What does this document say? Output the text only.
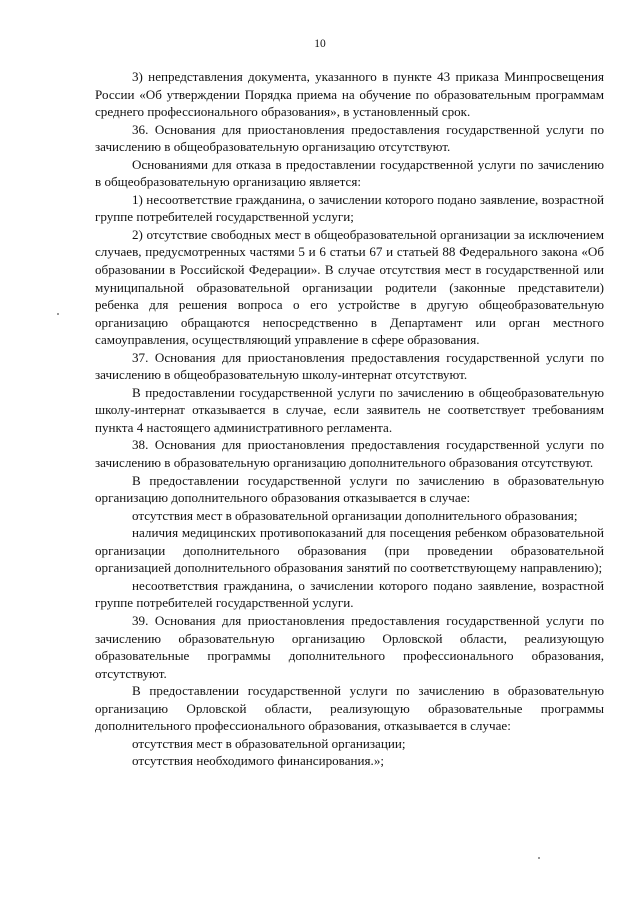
10

3) непредставления документа, указанного в пункте 43 приказа Минпросвещения России «Об утверждении Порядка приема на обучение по образовательным программам среднего профессионального образования», в установленный срок.

36. Основания для приостановления предоставления государственной услуги по зачислению в общеобразовательную организацию отсутствуют.

Основаниями для отказа в предоставлении государственной услуги по зачислению в общеобразовательную организацию является:

1) несоответствие гражданина, о зачислении которого подано заявление, возрастной группе потребителей государственной услуги;

2) отсутствие свободных мест в общеобразовательной организации за исключением случаев, предусмотренных частями 5 и 6 статьи 67 и статьей 88 Федерального закона «Об образовании в Российской Федерации». В случае отсутствия мест в государственной или муниципальной образовательной организации родители (законные представители) ребенка для решения вопроса о его устройстве в другую общеобразовательную организацию обращаются непосредственно в Департамент или орган местного самоуправления, осуществляющий управление в сфере образования.

37. Основания для приостановления предоставления государственной услуги по зачислению в общеобразовательную школу-интернат отсутствуют.

В предоставлении государственной услуги по зачислению в общеобразовательную школу-интернат отказывается в случае, если заявитель не соответствует требованиям пункта 4 настоящего административного регламента.

38. Основания для приостановления предоставления государственной услуги по зачислению в образовательную организацию дополнительного образования отсутствуют.

В предоставлении государственной услуги по зачислению в образовательную организацию дополнительного образования отказывается в случае:

отсутствия мест в образовательной организации дополнительного образования;

наличия медицинских противопоказаний для посещения ребенком образовательной организации дополнительного образования (при проведении образовательной организацией дополнительного образования занятий по соответствующему направлению);

несоответствия гражданина, о зачислении которого подано заявление, возрастной группе потребителей государственной услуги.

39. Основания для приостановления предоставления государственной услуги по зачислению образовательную организацию Орловской области, реализующую образовательные программы дополнительного профессионального образования, отсутствуют.

В предоставлении государственной услуги по зачислению в образовательную организацию Орловской области, реализующую образовательные программы дополнительного профессионального образования, отказывается в случае:

отсутствия мест в образовательной организации;

отсутствия необходимого финансирования.»;
